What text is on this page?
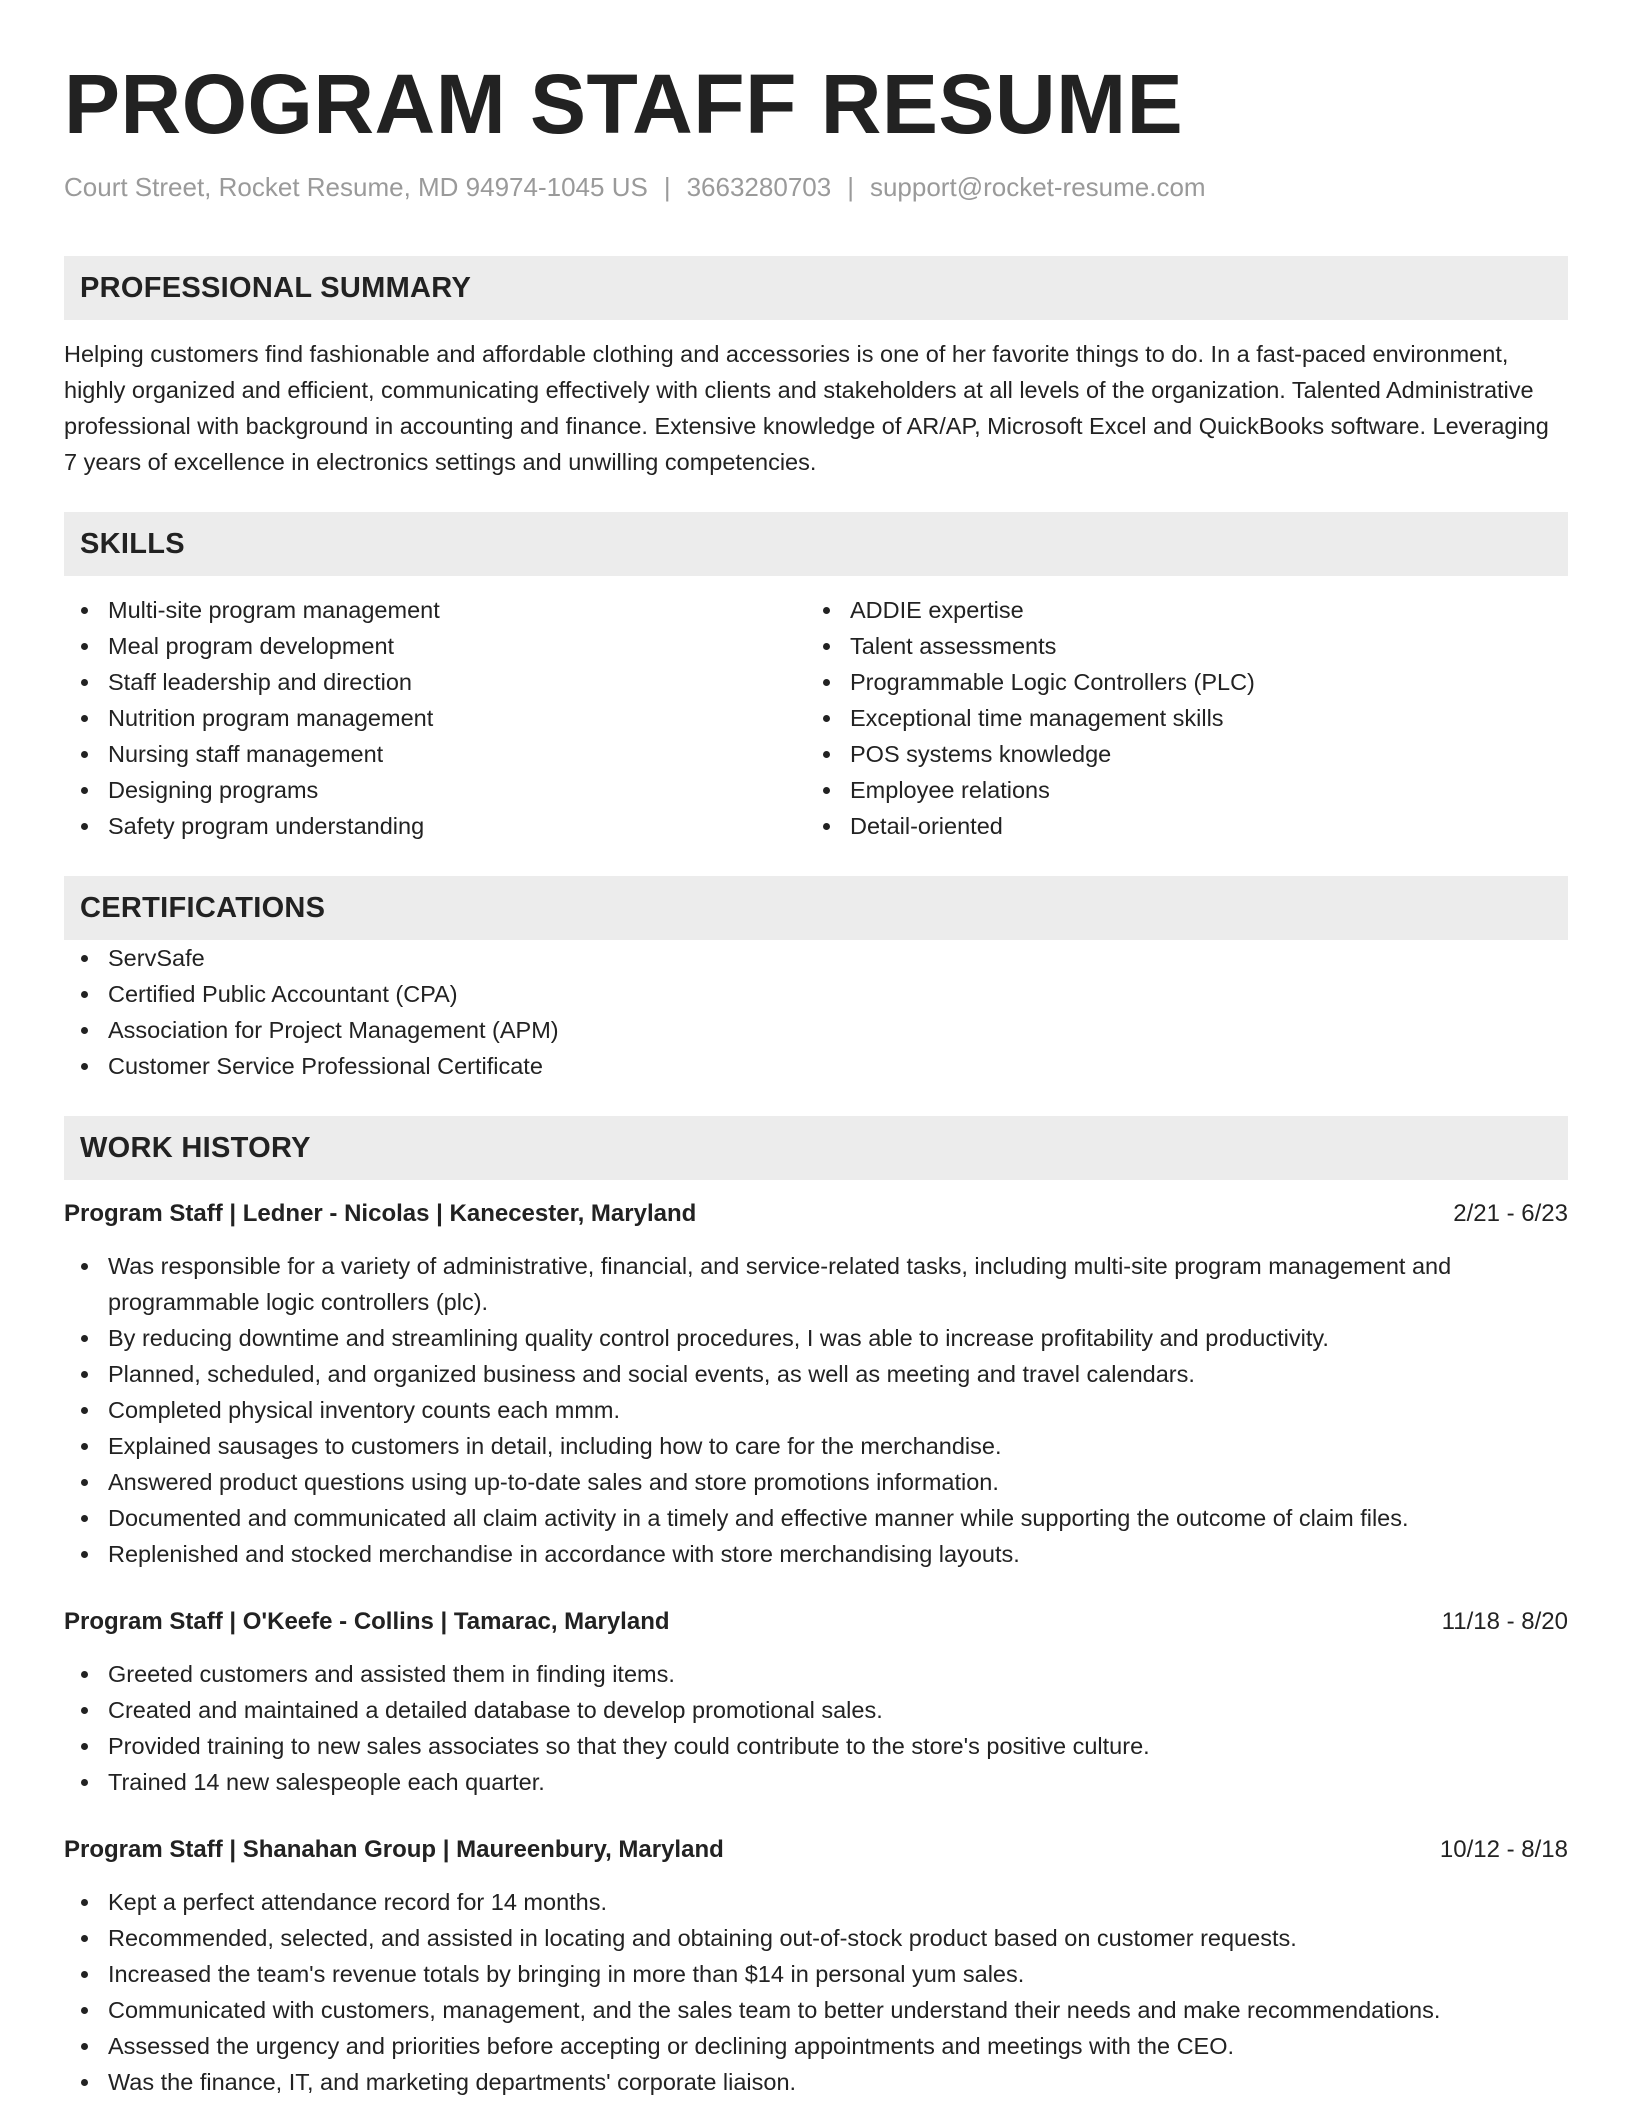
PROGRAM STAFF RESUME
Court Street, Rocket Resume, MD 94974-1045 US | 3663280703 | support@rocket-resume.com
PROFESSIONAL SUMMARY

Helping customers find fashionable and affordable clothing and accessories is one of her favorite things to do. In a fast-paced environment, highly organized and efficient, communicating effectively with clients and stakeholders at all levels of the organization. Talented Administrative professional with background in accounting and finance. Extensive knowledge of AR/AP, Microsoft Excel and QuickBooks software. Leveraging 7 years of excellence in electronics settings and unwilling competencies.

SKILLS
Multi-site program management
Meal program development
Staff leadership and direction
Nutrition program management
Nursing staff management
Designing programs
Safety program understanding
ADDIE expertise
Talent assessments
Programmable Logic Controllers (PLC)
Exceptional time management skills
POS systems knowledge
Employee relations
Detail-oriented
CERTIFICATIONS
ServSafe
Certified Public Accountant (CPA)
Association for Project Management (APM)
Customer Service Professional Certificate
WORK HISTORY
Program Staff | Ledner - Nicolas | Kanecester, Maryland	2/21 - 6/23
Was responsible for a variety of administrative, financial, and service-related tasks, including multi-site program management and programmable logic controllers (plc).
By reducing downtime and streamlining quality control procedures, I was able to increase profitability and productivity.
Planned, scheduled, and organized business and social events, as well as meeting and travel calendars.
Completed physical inventory counts each mmm.
Explained sausages to customers in detail, including how to care for the merchandise.
Answered product questions using up-to-date sales and store promotions information.
Documented and communicated all claim activity in a timely and effective manner while supporting the outcome of claim files.
Replenished and stocked merchandise in accordance with store merchandising layouts.
Program Staff | O'Keefe - Collins | Tamarac, Maryland	11/18 - 8/20
Greeted customers and assisted them in finding items.
Created and maintained a detailed database to develop promotional sales.
Provided training to new sales associates so that they could contribute to the store's positive culture.
Trained 14 new salespeople each quarter.
Program Staff | Shanahan Group | Maureenbury, Maryland	10/12 - 8/18
Kept a perfect attendance record for 14 months.
Recommended, selected, and assisted in locating and obtaining out-of-stock product based on customer requests.
Increased the team's revenue totals by bringing in more than $14 in personal yum sales.
Communicated with customers, management, and the sales team to better understand their needs and make recommendations.
Assessed the urgency and priorities before accepting or declining appointments and meetings with the CEO.
Was the finance, IT, and marketing departments' corporate liaison.
